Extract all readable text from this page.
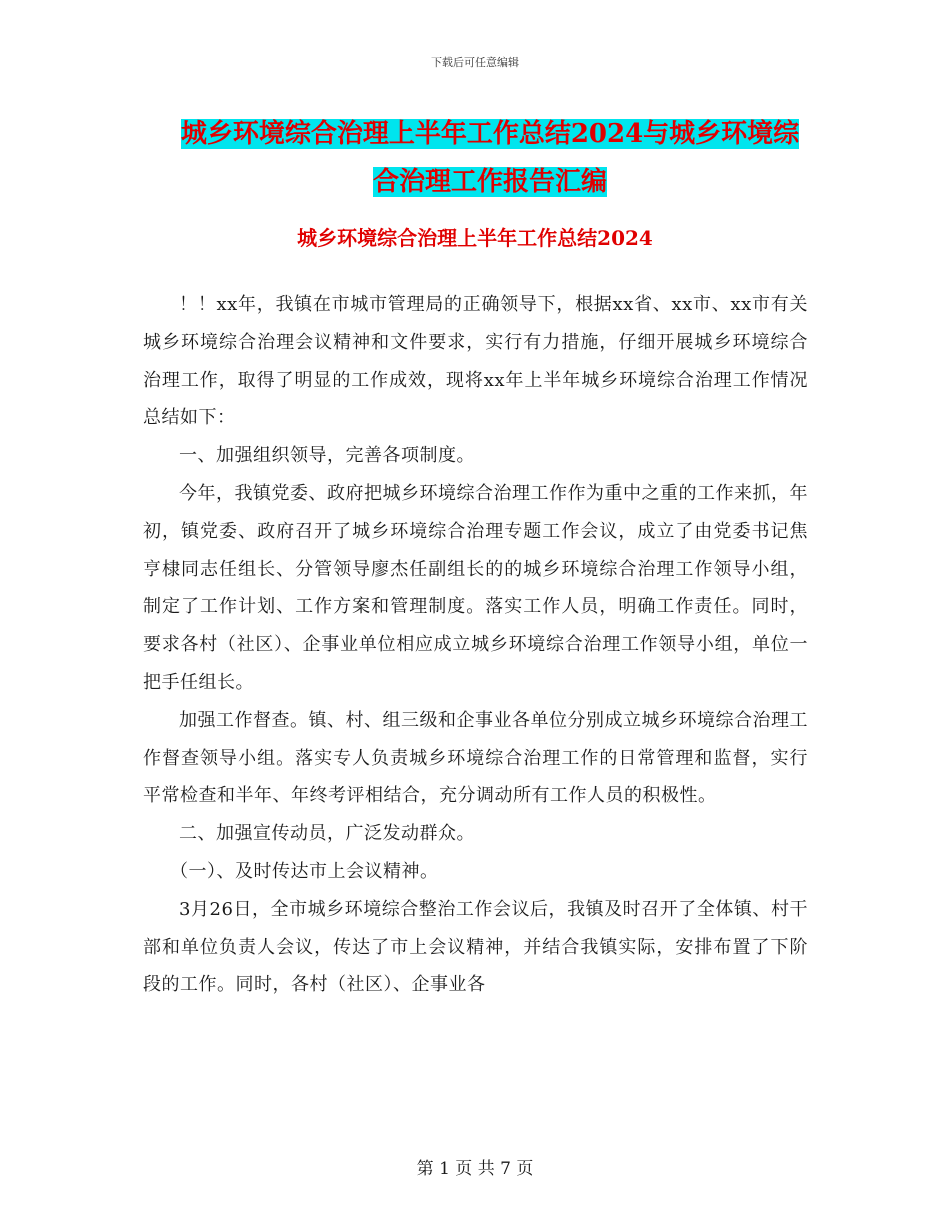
下载后可任意编辑
城乡环境综合治理上半年工作总结2024与城乡环境综
合治理工作报告汇编
城乡环境综合治理上半年工作总结2024

！！xx年，我镇在市城市管理局的正确领导下，根据xx省、xx市、xx市有关城乡环境综合治理会议精神和文件要求，实行有力措施，仔细开展城乡环境综合治理工作，取得了明显的工作成效，现将xx年上半年城乡环境综合治理工作情况总结如下：

一、加强组织领导，完善各项制度。

今年，我镇党委、政府把城乡环境综合治理工作作为重中之重的工作来抓，年初，镇党委、政府召开了城乡环境综合治理专题工作会议，成立了由党委书记焦亨棣同志任组长、分管领导廖杰任副组长的的城乡环境综合治理工作领导小组，制定了工作计划、工作方案和管理制度。落实工作人员，明确工作责任。同时，要求各村（社区）、企事业单位相应成立城乡环境综合治理工作领导小组，单位一把手任组长。

加强工作督查。镇、村、组三级和企事业各单位分别成立城乡环境综合治理工作督查领导小组。落实专人负责城乡环境综合治理工作的日常管理和监督，实行平常检查和半年、年终考评相结合，充分调动所有工作人员的积极性。

二、加强宣传动员，广泛发动群众。

（一）、及时传达市上会议精神。

3月26日，全市城乡环境综合整治工作会议后，我镇及时召开了全体镇、村干部和单位负责人会议，传达了市上会议精神，并结合我镇实际，安排布置了下阶段的工作。同时，各村（社区）、企事业各

第 1 页 共 7 页
